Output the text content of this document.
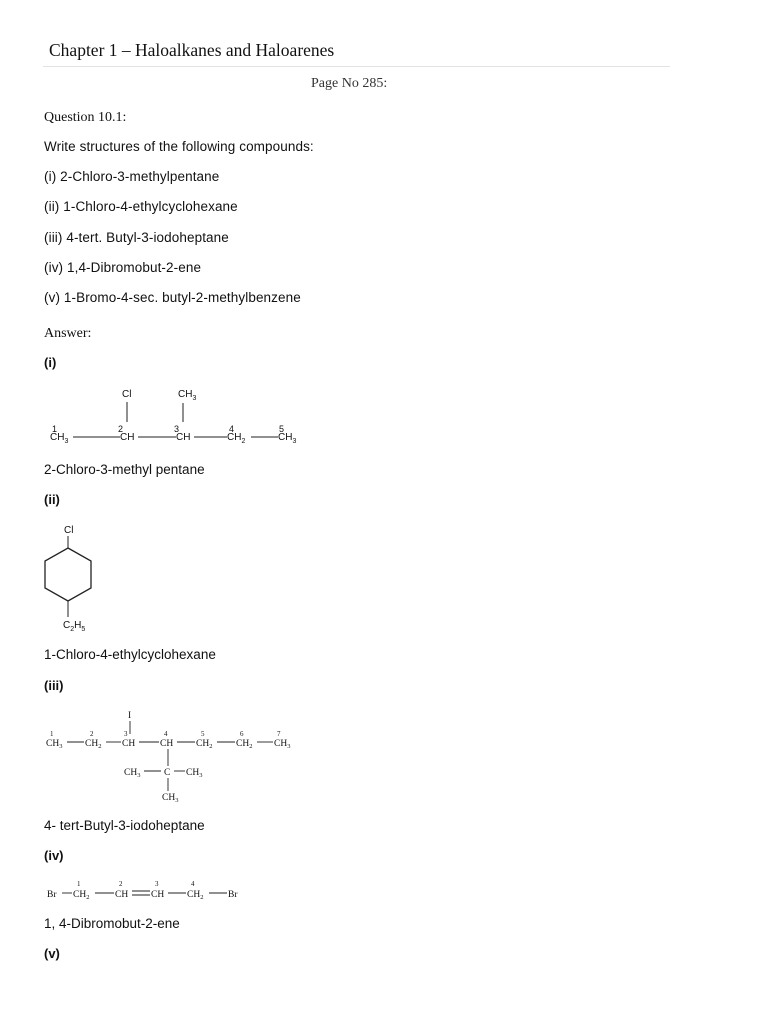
Chapter 1 – Haloalkanes and Haloarenes
Page No 285:
Question 10.1:
Write structures of the following compounds:
(i) 2-Chloro-3-methylpentane
(ii) 1-Chloro-4-ethylcyclohexane
(iii) 4-tert. Butyl-3-iodoheptane
(iv) 1,4-Dibromobut-2-ene
(v) 1-Bromo-4-sec. butyl-2-methylbenzene
Answer:
(i)
Cl	$CH_3$
1	2	3	4	5
$CH_3$	CH	CH	$CH_2$	$CH_3$
2-Chloro-3-methyl pentane
(ii)
Cl
$C_2H_5$
1-Chloro-4-ethylcyclohexane
(iii)
I
1	2	3	4	5	6	7
$CH_3$ $CH_2$ CH	CH $CH_2$ $CH_2$ $CH_3$
$CH_3$ C $CH_3$
$CH_3$
4- tert-Butyl-3-iodoheptane
(iv)
1	2	3	4
Br $CH_2$	CH CH $CH_2$	Br
1, 4-Dibromobut-2-ene
(v)
